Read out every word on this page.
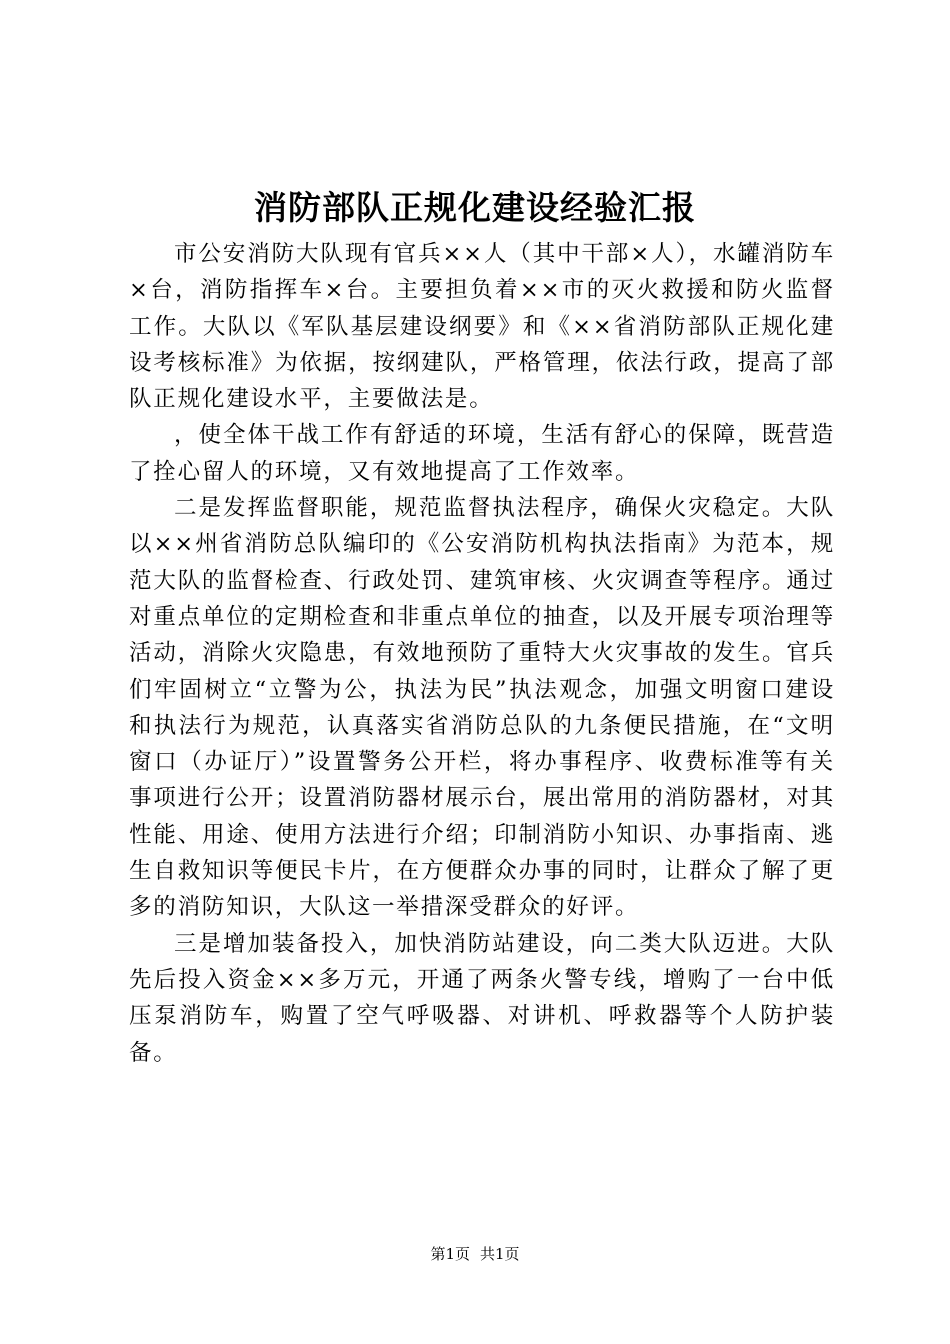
消防部队正规化建设经验汇报

市公安消防大队现有官兵××人（其中干部×人），水罐消防车×台，消防指挥车×台。主要担负着××市的灭火救援和防火监督工作。大队以《军队基层建设纲要》和《××省消防部队正规化建设考核标准》为依据，按纲建队，严格管理，依法行政，提高了部队正规化建设水平，主要做法是。

，使全体干战工作有舒适的环境，生活有舒心的保障，既营造了拴心留人的环境，又有效地提高了工作效率。

二是发挥监督职能，规范监督执法程序，确保火灾稳定。大队以××州省消防总队编印的《公安消防机构执法指南》为范本，规范大队的监督检查、行政处罚、建筑审核、火灾调查等程序。通过对重点单位的定期检查和非重点单位的抽查，以及开展专项治理等活动，消除火灾隐患，有效地预防了重特大火灾事故的发生。官兵们牢固树立“立警为公，执法为民”执法观念，加强文明窗口建设和执法行为规范，认真落实省消防总队的九条便民措施，在“文明窗口（办证厅）”设置警务公开栏，将办事程序、收费标准等有关事项进行公开；设置消防器材展示台，展出常用的消防器材，对其性能、用途、使用方法进行介绍；印制消防小知识、办事指南、逃生自救知识等便民卡片，在方便群众办事的同时，让群众了解了更多的消防知识，大队这一举措深受群众的好评。

三是增加装备投入，加快消防站建设，向二类大队迈进。大队先后投入资金××多万元，开通了两条火警专线，增购了一台中低压泵消防车，购置了空气呼吸器、对讲机、呼救器等个人防护装备。

第1页 共1页
